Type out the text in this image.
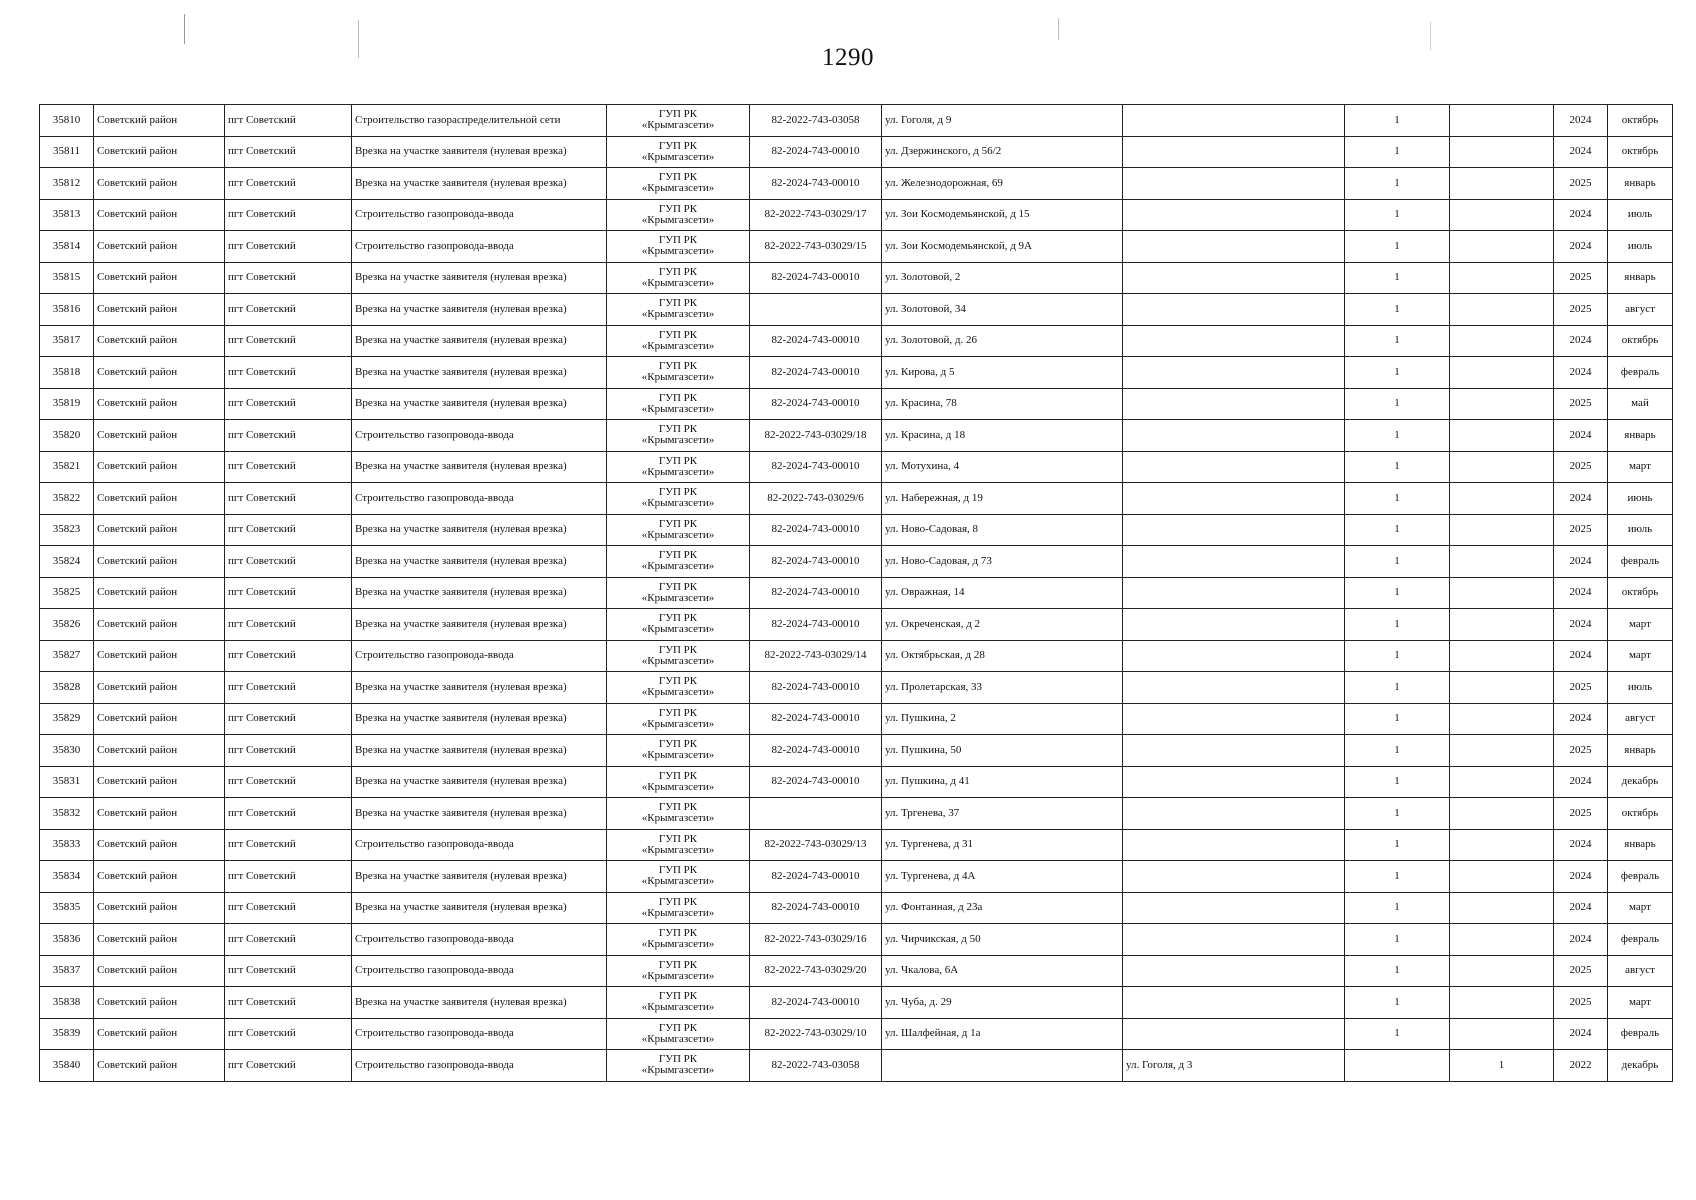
1290
35810	Советский район	пгт Советский	Строительство газораспределительной сети	ГУП РК
«Крымгазсети»	82-2022-743-03058	ул. Гоголя, д 9		1		2024	октябрь
35811	Советский район	пгт Советский	Врезка на участке заявителя (нулевая врезка)	ГУП РК
«Крымгазсети»	82-2024-743-00010	ул. Дзержинского, д 56/2		1		2024	октябрь
35812	Советский район	пгт Советский	Врезка на участке заявителя (нулевая врезка)	ГУП РК
«Крымгазсети»	82-2024-743-00010	ул. Железнодорожная, 69		1		2025	январь
35813	Советский район	пгт Советский	Строительство газопровода-ввода	ГУП РК
«Крымгазсети»	82-2022-743-03029/17	ул. Зои Космодемьянской, д 15		1		2024	июль
35814	Советский район	пгт Советский	Строительство газопровода-ввода	ГУП РК
«Крымгазсети»	82-2022-743-03029/15	ул. Зои Космодемьянской, д 9А		1		2024	июль
35815	Советский район	пгт Советский	Врезка на участке заявителя (нулевая врезка)	ГУП РК
«Крымгазсети»	82-2024-743-00010	ул. Золотовой, 2		1		2025	январь
35816	Советский район	пгт Советский	Врезка на участке заявителя (нулевая врезка)	ГУП РК
«Крымгазсети»		ул. Золотовой, 34		1		2025	август
35817	Советский район	пгт Советский	Врезка на участке заявителя (нулевая врезка)	ГУП РК
«Крымгазсети»	82-2024-743-00010	ул. Золотовой, д. 26		1		2024	октябрь
35818	Советский район	пгт Советский	Врезка на участке заявителя (нулевая врезка)	ГУП РК
«Крымгазсети»	82-2024-743-00010	ул. Кирова, д 5		1		2024	февраль
35819	Советский район	пгт Советский	Врезка на участке заявителя (нулевая врезка)	ГУП РК
«Крымгазсети»	82-2024-743-00010	ул. Красина, 78		1		2025	май
35820	Советский район	пгт Советский	Строительство газопровода-ввода	ГУП РК
«Крымгазсети»	82-2022-743-03029/18	ул. Красина, д 18		1		2024	январь
35821	Советский район	пгт Советский	Врезка на участке заявителя (нулевая врезка)	ГУП РК
«Крымгазсети»	82-2024-743-00010	ул. Мотухина, 4		1		2025	март
35822	Советский район	пгт Советский	Строительство газопровода-ввода	ГУП РК
«Крымгазсети»	82-2022-743-03029/6	ул. Набережная, д 19		1		2024	июнь
35823	Советский район	пгт Советский	Врезка на участке заявителя (нулевая врезка)	ГУП РК
«Крымгазсети»	82-2024-743-00010	ул. Ново-Садовая, 8		1		2025	июль
35824	Советский район	пгт Советский	Врезка на участке заявителя (нулевая врезка)	ГУП РК
«Крымгазсети»	82-2024-743-00010	ул. Ново-Садовая, д 73		1		2024	февраль
35825	Советский район	пгт Советский	Врезка на участке заявителя (нулевая врезка)	ГУП РК
«Крымгазсети»	82-2024-743-00010	ул. Овражная, 14		1		2024	октябрь
35826	Советский район	пгт Советский	Врезка на участке заявителя (нулевая врезка)	ГУП РК
«Крымгазсети»	82-2024-743-00010	ул. Окреченская, д 2		1		2024	март
35827	Советский район	пгт Советский	Строительство газопровода-ввода	ГУП РК
«Крымгазсети»	82-2022-743-03029/14	ул. Октябрьская, д 28		1		2024	март
35828	Советский район	пгт Советский	Врезка на участке заявителя (нулевая врезка)	ГУП РК
«Крымгазсети»	82-2024-743-00010	ул. Пролетарская, 33		1		2025	июль
35829	Советский район	пгт Советский	Врезка на участке заявителя (нулевая врезка)	ГУП РК
«Крымгазсети»	82-2024-743-00010	ул. Пушкина, 2		1		2024	август
35830	Советский район	пгт Советский	Врезка на участке заявителя (нулевая врезка)	ГУП РК
«Крымгазсети»	82-2024-743-00010	ул. Пушкина, 50		1		2025	январь
35831	Советский район	пгт Советский	Врезка на участке заявителя (нулевая врезка)	ГУП РК
«Крымгазсети»	82-2024-743-00010	ул. Пушкина, д 41		1		2024	декабрь
35832	Советский район	пгт Советский	Врезка на участке заявителя (нулевая врезка)	ГУП РК
«Крымгазсети»		ул. Тргенева, 37		1		2025	октябрь
35833	Советский район	пгт Советский	Строительство газопровода-ввода	ГУП РК
«Крымгазсети»	82-2022-743-03029/13	ул. Тургенева, д 31		1		2024	январь
35834	Советский район	пгт Советский	Врезка на участке заявителя (нулевая врезка)	ГУП РК
«Крымгазсети»	82-2024-743-00010	ул. Тургенева, д 4А		1		2024	февраль
35835	Советский район	пгт Советский	Врезка на участке заявителя (нулевая врезка)	ГУП РК
«Крымгазсети»	82-2024-743-00010	ул. Фонтанная, д 23а		1		2024	март
35836	Советский район	пгт Советский	Строительство газопровода-ввода	ГУП РК
«Крымгазсети»	82-2022-743-03029/16	ул. Чирчикская, д 50		1		2024	февраль
35837	Советский район	пгт Советский	Строительство газопровода-ввода	ГУП РК
«Крымгазсети»	82-2022-743-03029/20	ул. Чкалова, 6А		1		2025	август
35838	Советский район	пгт Советский	Врезка на участке заявителя (нулевая врезка)	ГУП РК
«Крымгазсети»	82-2024-743-00010	ул. Чуба, д. 29		1		2025	март
35839	Советский район	пгт Советский	Строительство газопровода-ввода	ГУП РК
«Крымгазсети»	82-2022-743-03029/10	ул. Шалфейная, д 1а		1		2024	февраль
35840	Советский район	пгт Советский	Строительство газопровода-ввода	ГУП РК
«Крымгазсети»	82-2022-743-03058		ул. Гоголя, д 3		1	2022	декабрь
